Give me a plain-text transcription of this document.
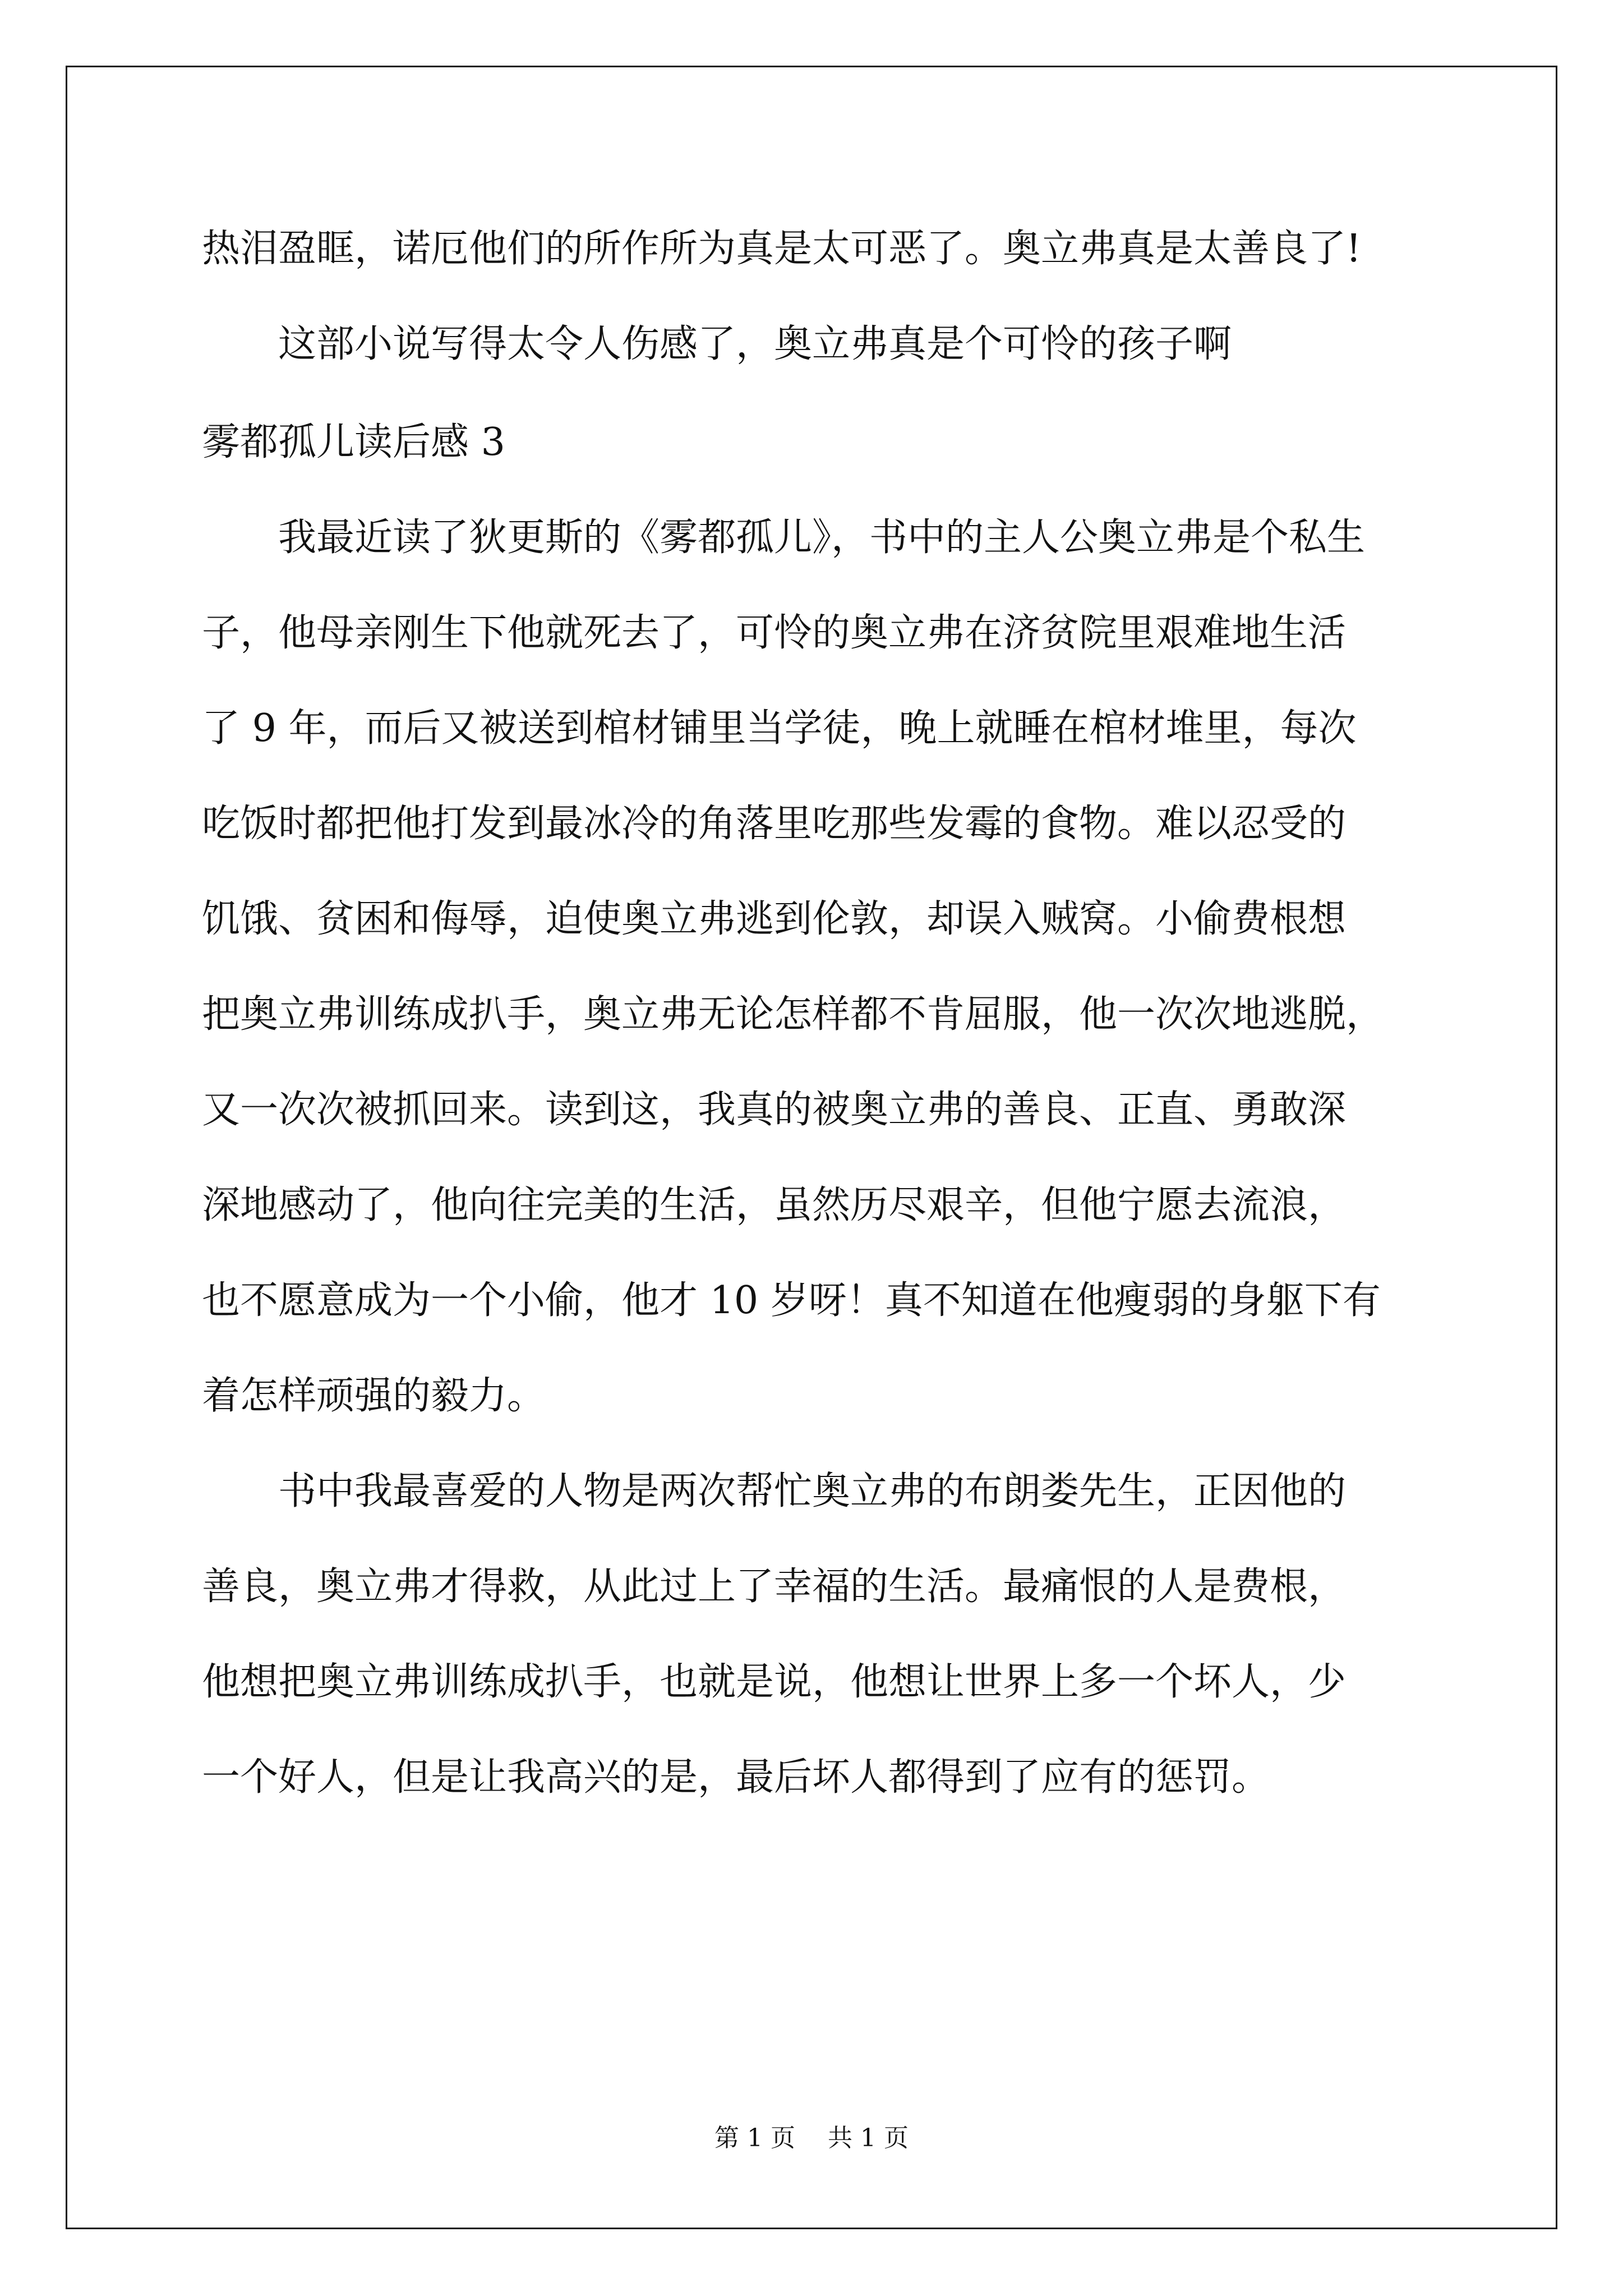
热泪盈眶，诺厄他们的所作所为真是太可恶了。奥立弗真是太善良了!
　　这部小说写得太令人伤感了，奥立弗真是个可怜的孩子啊
雾都孤儿读后感 3
　　我最近读了狄更斯的《雾都孤儿》，书中的主人公奥立弗是个私生
子，他母亲刚生下他就死去了，可怜的奥立弗在济贫院里艰难地生活
了 9 年，而后又被送到棺材铺里当学徒，晚上就睡在棺材堆里，每次
吃饭时都把他打发到最冰冷的角落里吃那些发霉的食物。难以忍受的
饥饿、贫困和侮辱，迫使奥立弗逃到伦敦，却误入贼窝。小偷费根想
把奥立弗训练成扒手，奥立弗无论怎样都不肯屈服，他一次次地逃脱，
又一次次被抓回来。读到这，我真的被奥立弗的善良、正直、勇敢深
深地感动了，他向往完美的生活，虽然历尽艰辛，但他宁愿去流浪，
也不愿意成为一个小偷，他才 10 岁呀！真不知道在他瘦弱的身躯下有
着怎样顽强的毅力。
　　书中我最喜爱的人物是两次帮忙奥立弗的布朗娄先生，正因他的
善良，奥立弗才得救，从此过上了幸福的生活。最痛恨的人是费根，
他想把奥立弗训练成扒手，也就是说，他想让世界上多一个坏人，少
一个好人，但是让我高兴的是，最后坏人都得到了应有的惩罚。
第 1 页　 共 1 页
